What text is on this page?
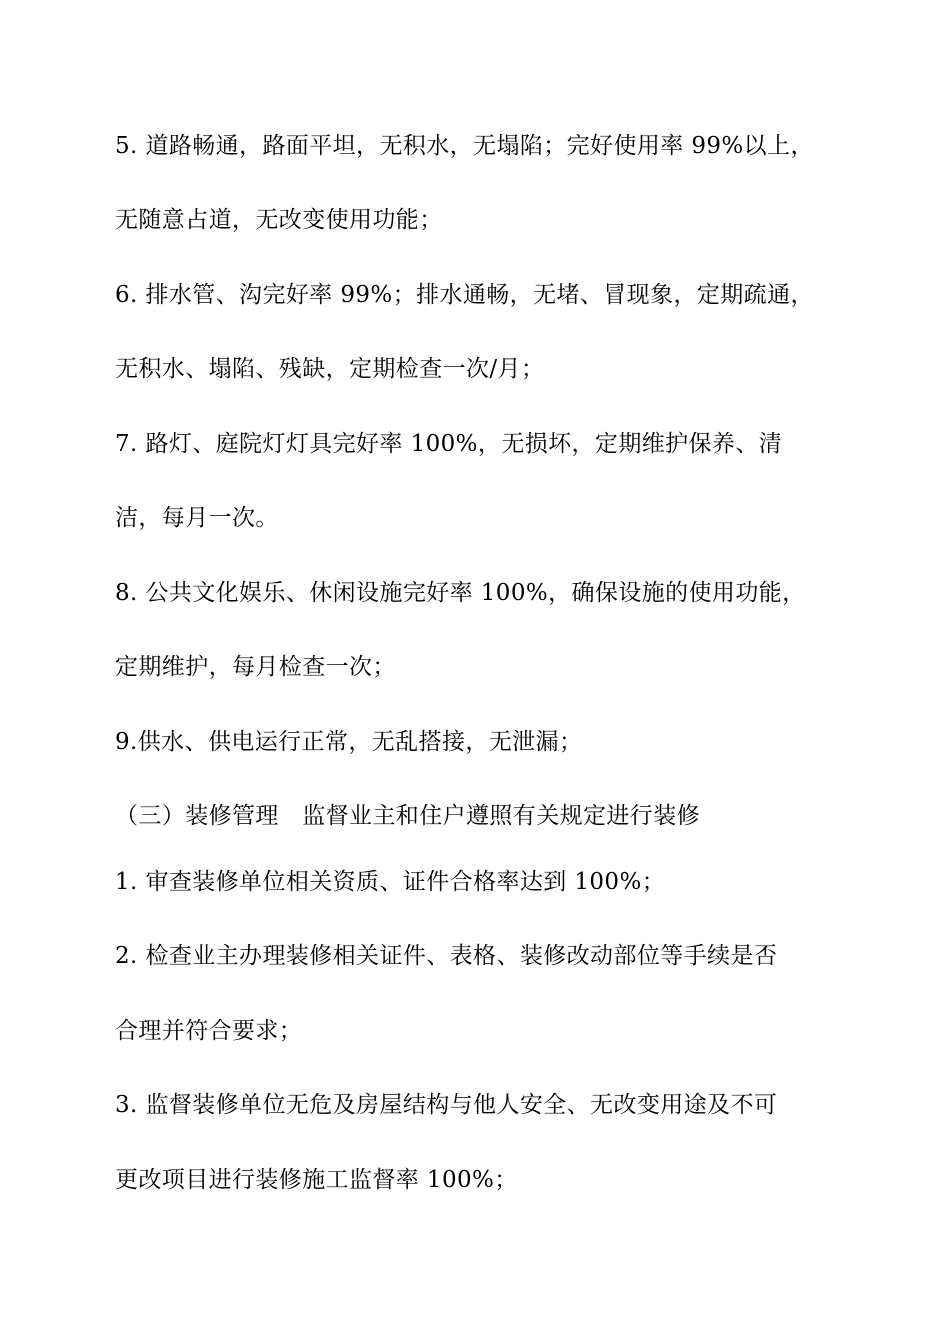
5. 道路畅通，路面平坦，无积水，无塌陷；完好使用率 99%以上，
无随意占道，无改变使用功能；
6. 排水管、沟完好率 99%；排水通畅，无堵、冒现象，定期疏通，
无积水、塌陷、残缺，定期检查一次/月；
7. 路灯、庭院灯灯具完好率 100%，无损坏，定期维护保养、清
洁，每月一次。
8. 公共文化娱乐、休闲设施完好率 100%，确保设施的使用功能，
定期维护，每月检查一次；
9.供水、供电运行正常，无乱搭接，无泄漏；
（三）装修管理　监督业主和住户遵照有关规定进行装修
1. 审查装修单位相关资质、证件合格率达到 100%；
2. 检查业主办理装修相关证件、表格、装修改动部位等手续是否
合理并符合要求；
3. 监督装修单位无危及房屋结构与他人安全、无改变用途及不可
更改项目进行装修施工监督率 100%；
